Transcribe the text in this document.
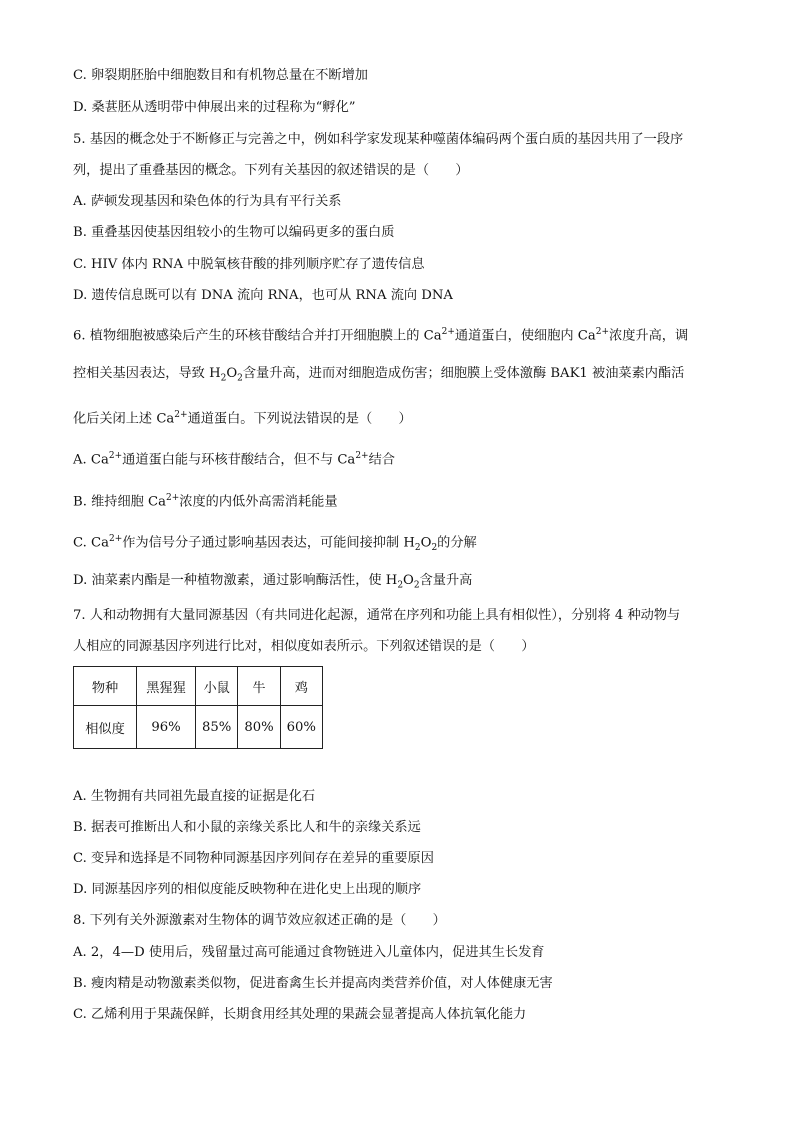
C. 卵裂期胚胎中细胞数目和有机物总量在不断增加
D. 桑葚胚从透明带中伸展出来的过程称为“孵化”
5. 基因的概念处于不断修正与完善之中，例如科学家发现某种噬菌体编码两个蛋白质的基因共用了一段序
列，提出了重叠基因的概念。下列有关基因的叙述错误的是（　　）
A. 萨顿发现基因和染色体的行为具有平行关系
B. 重叠基因使基因组较小的生物可以编码更多的蛋白质
C. HIV 体内 RNA 中脱氧核苷酸的排列顺序贮存了遗传信息
D. 遗传信息既可以有 DNA 流向 RNA，也可从 RNA 流向 DNA
6. 植物细胞被感染后产生的环核苷酸结合并打开细胞膜上的 $Ca^{2+}$通道蛋白，使细胞内 $Ca^{2+}$浓度升高，调
控相关基因表达，导致 $H_2O_2$含量升高，进而对细胞造成伤害；细胞膜上受体激酶 BAK1 被油菜素内酯活
化后关闭上述 $Ca^{2+}$通道蛋白。下列说法错误的是（　　）
A. $Ca^{2+}$通道蛋白能与环核苷酸结合，但不与 $Ca^{2+}$结合
B. 维持细胞 $Ca^{2+}$浓度的内低外高需消耗能量
C. $Ca^{2+}$作为信号分子通过影响基因表达，可能间接抑制 $H_2O_2$的分解
D. 油菜素内酯是一种植物激素，通过影响酶活性，使 $H_2O_2$含量升高
7. 人和动物拥有大量同源基因（有共同进化起源，通常在序列和功能上具有相似性），分别将 4 种动物与
人相应的同源基因序列进行比对，相似度如表所示。下列叙述错误的是（　　）
物种	黑猩猩	小鼠	牛	鸡
相似度	96%	85%	80%	60%
A. 生物拥有共同祖先最直接的证据是化石
B. 据表可推断出人和小鼠的亲缘关系比人和牛的亲缘关系远
C. 变异和选择是不同物种同源基因序列间存在差异的重要原因
D. 同源基因序列的相似度能反映物种在进化史上出现的顺序
8. 下列有关外源激素对生物体的调节效应叙述正确的是（　　）
A. 2，4—D 使用后，残留量过高可能通过食物链进入儿童体内，促进其生长发育
B. 瘦肉精是动物激素类似物，促进畜禽生长并提高肉类营养价值，对人体健康无害
C. 乙烯利用于果蔬保鲜，长期食用经其处理的果蔬会显著提高人体抗氧化能力
